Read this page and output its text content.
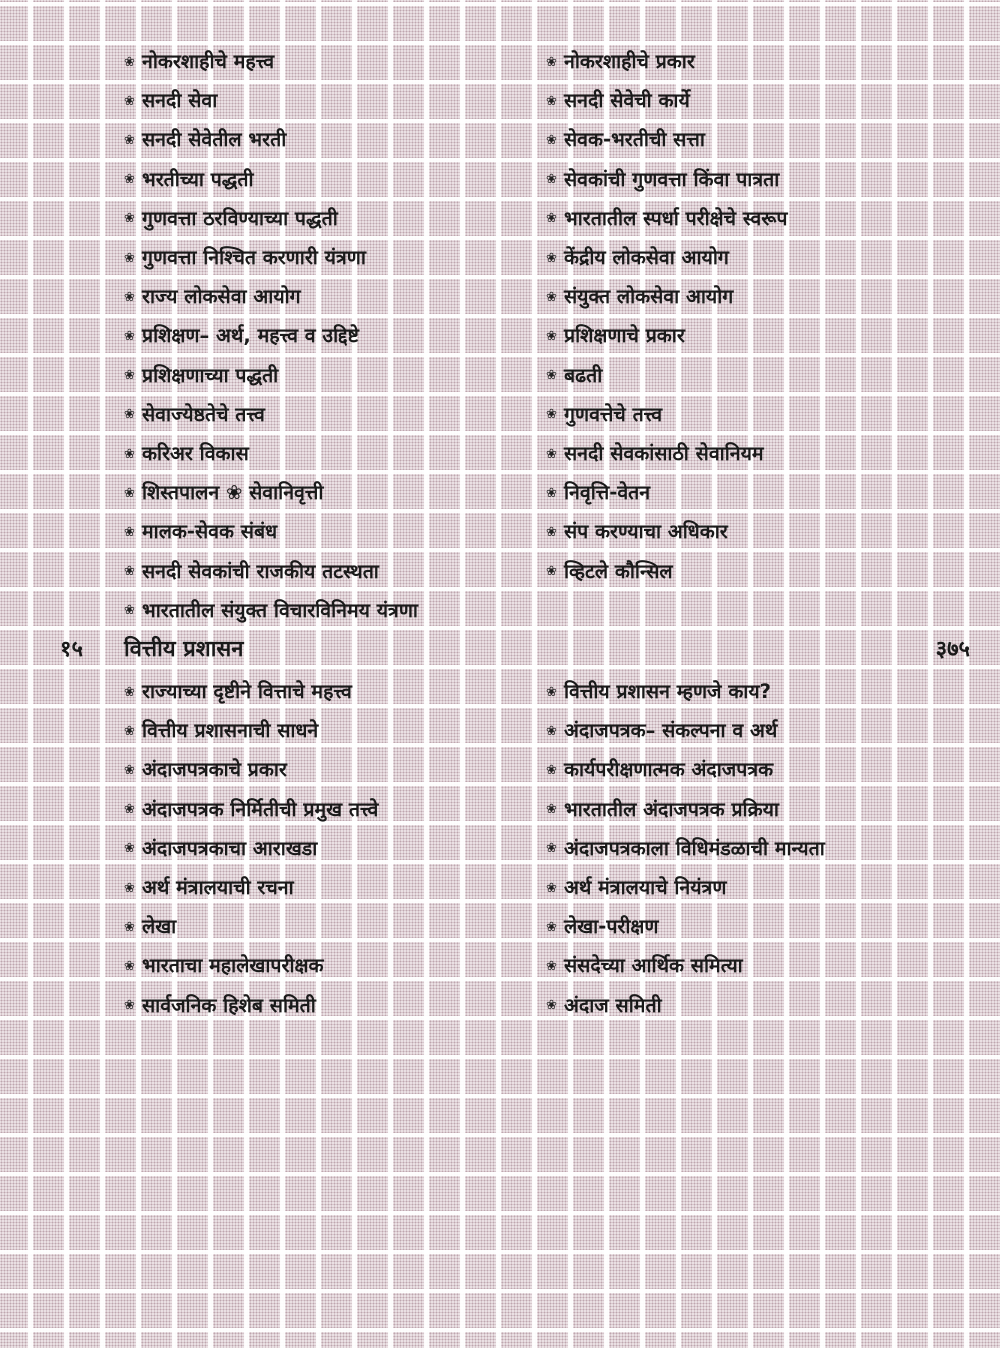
❀ नोकरशाहीचे महत्त्व
❀ सनदी सेवा
❀ सनदी सेवेतील भरती
❀ भरतीच्या पद्धती
❀ गुणवत्ता ठरविण्याच्या पद्धती
❀ गुणवत्ता निश्‍चित करणारी यंत्रणा
❀ राज्य लोकसेवा आयोग
❀ प्रशिक्षण– अर्थ, महत्त्व व उद्दिष्टे
❀ प्रशिक्षणाच्या पद्धती
❀ सेवाज्येष्ठतेचे तत्त्व
❀ करिअर विकास
❀ शिस्तपालन ❀ सेवानिवृत्ती
❀ मालक-सेवक संबंध
❀ सनदी सेवकांची राजकीय तटस्थता
❀ भारतातील संयुक्त विचारविनिमय यंत्रणा
❀ नोकरशाहीचे प्रकार
❀ सनदी सेवेची कार्ये
❀ सेवक-भरतीची सत्ता
❀ सेवकांची गुणवत्ता किंवा पात्रता
❀ भारतातील स्पर्धा परीक्षेचे स्वरूप
❀ केंद्रीय लोकसेवा आयोग
❀ संयुक्त लोकसेवा आयोग
❀ प्रशिक्षणाचे प्रकार
❀ बढती
❀ गुणवत्तेचे तत्त्व
❀ सनदी सेवकांसाठी सेवानियम
❀ निवृत्ति-वेतन
❀ संप करण्याचा अधिकार
❀ व्हिटले कौन्सिल
१५	वित्तीय प्रशासन	३७५
❀ राज्याच्या दृष्टीने वित्ताचे महत्त्व
❀ वित्तीय प्रशासनाची साधने
❀ अंदाजपत्रकाचे प्रकार
❀ अंदाजपत्रक निर्मितीची प्रमुख तत्त्वे
❀ अंदाजपत्रकाचा आराखडा
❀ अर्थ मंत्रालयाची रचना
❀ लेखा
❀ भारताचा महालेखापरीक्षक
❀ सार्वजनिक हिशेब समिती
❀ वित्तीय प्रशासन म्हणजे काय?
❀ अंदाजपत्रक– संकल्पना व अर्थ
❀ कार्यपरीक्षणात्मक अंदाजपत्रक
❀ भारतातील अंदाजपत्रक प्रक्रिया
❀ अंदाजपत्रकाला विधिमंडळाची मान्यता
❀ अर्थ मंत्रालयाचे नियंत्रण
❀ लेखा-परीक्षण
❀ संसदेच्या आर्थिक समित्या
❀ अंदाज समिती
